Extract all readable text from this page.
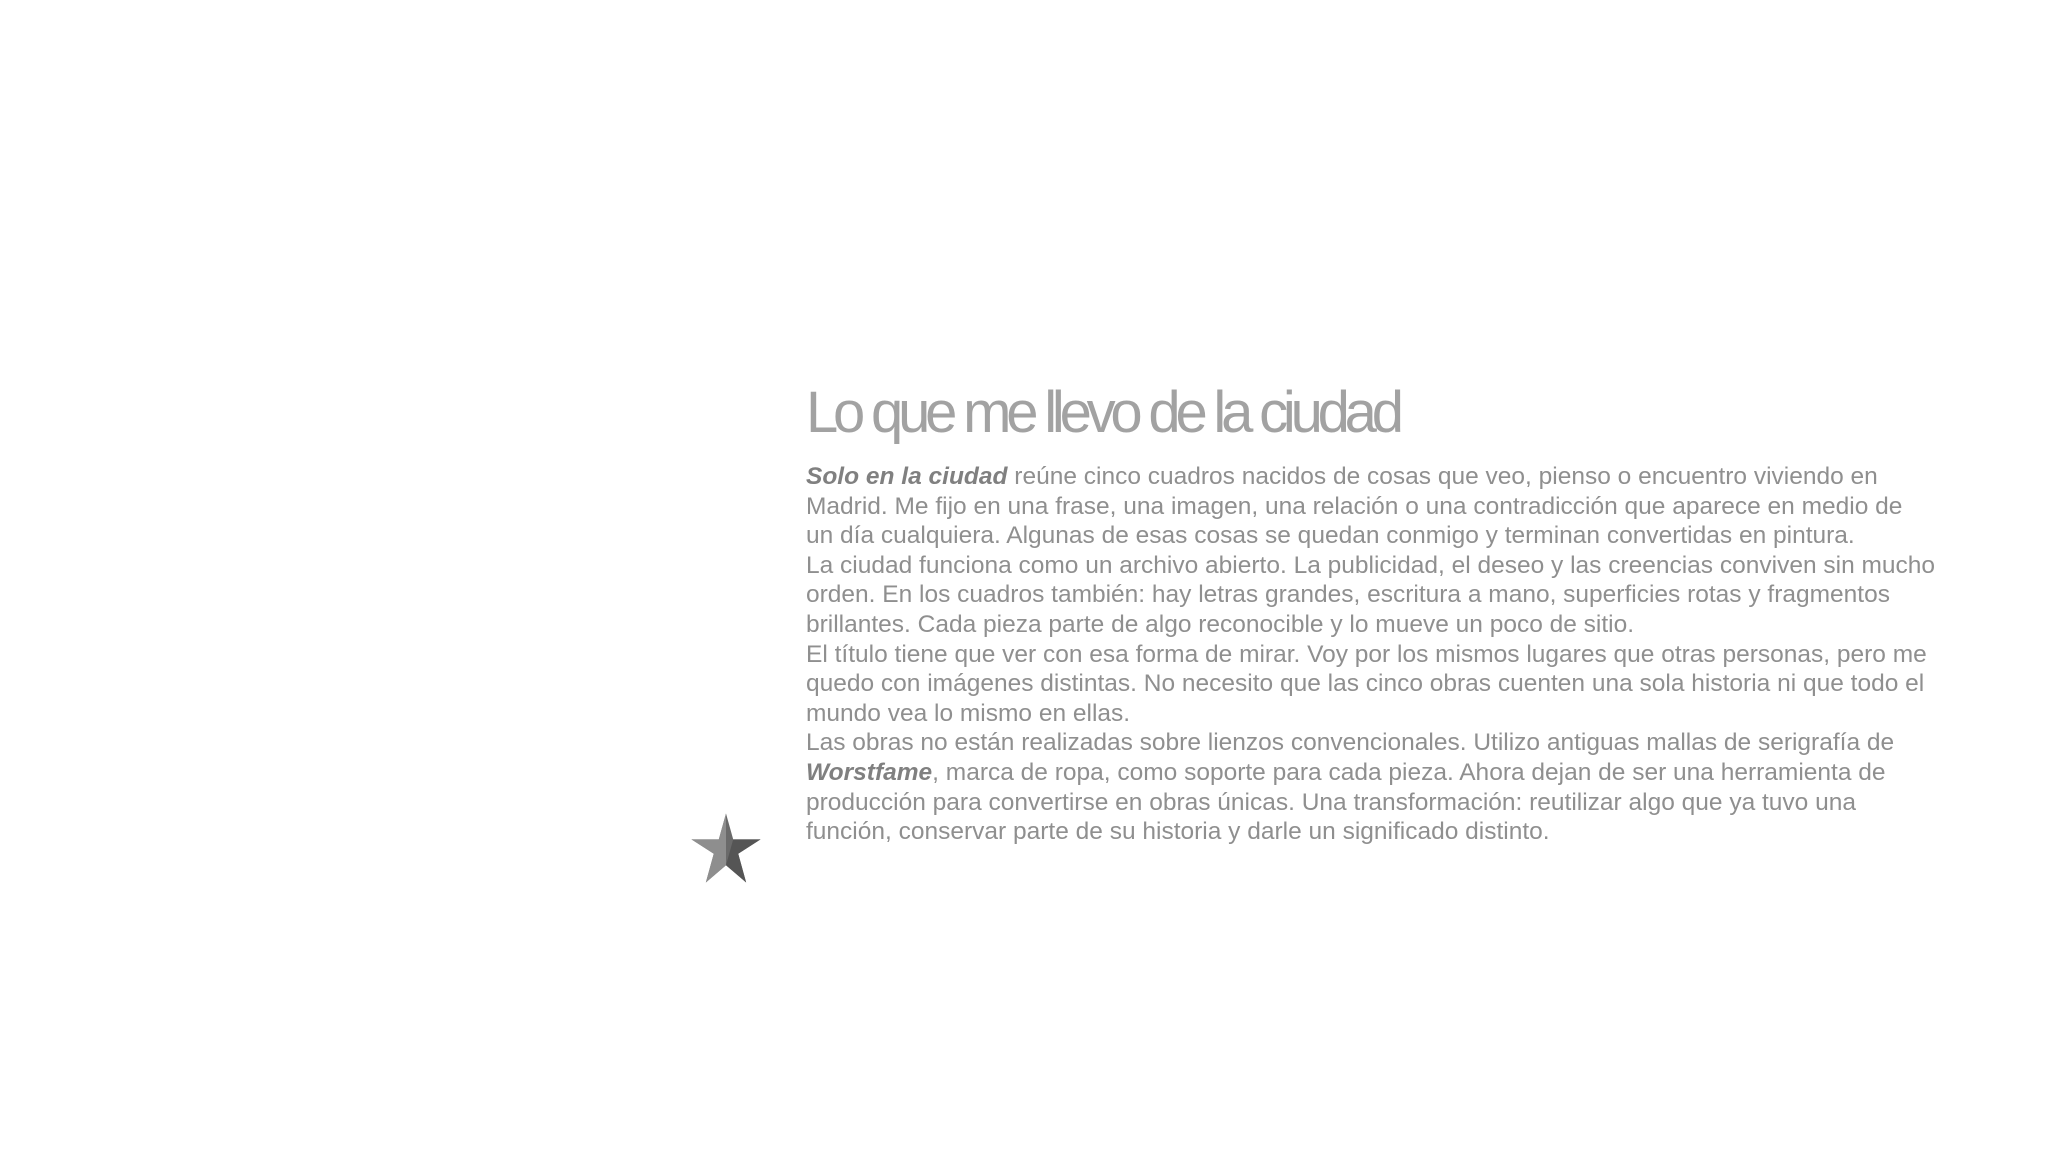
Lo que me llevo de la ciudad

Solo en la ciudad reúne cinco cuadros nacidos de cosas que veo, pienso o encuentro viviendo en Madrid. Me fijo en una frase, una imagen, una relación o una contradicción que aparece en medio de un día cualquiera. Algunas de esas cosas se quedan conmigo y terminan convertidas en pintura.

La ciudad funciona como un archivo abierto. La publicidad, el deseo y las creencias conviven sin mucho orden. En los cuadros también: hay letras grandes, escritura a mano, superficies rotas y fragmentos brillantes. Cada pieza parte de algo reconocible y lo mueve un poco de sitio.

El título tiene que ver con esa forma de mirar. Voy por los mismos lugares que otras personas, pero me quedo con imágenes distintas. No necesito que las cinco obras cuenten una sola historia ni que todo el mundo vea lo mismo en ellas.

Las obras no están realizadas sobre lienzos convencionales. Utilizo antiguas mallas de serigrafía de Worstfame, marca de ropa, como soporte para cada pieza. Ahora dejan de ser una herramienta de producción para convertirse en obras únicas. Una transformación: reutilizar algo que ya tuvo una función, conservar parte de su historia y darle un significado distinto.
